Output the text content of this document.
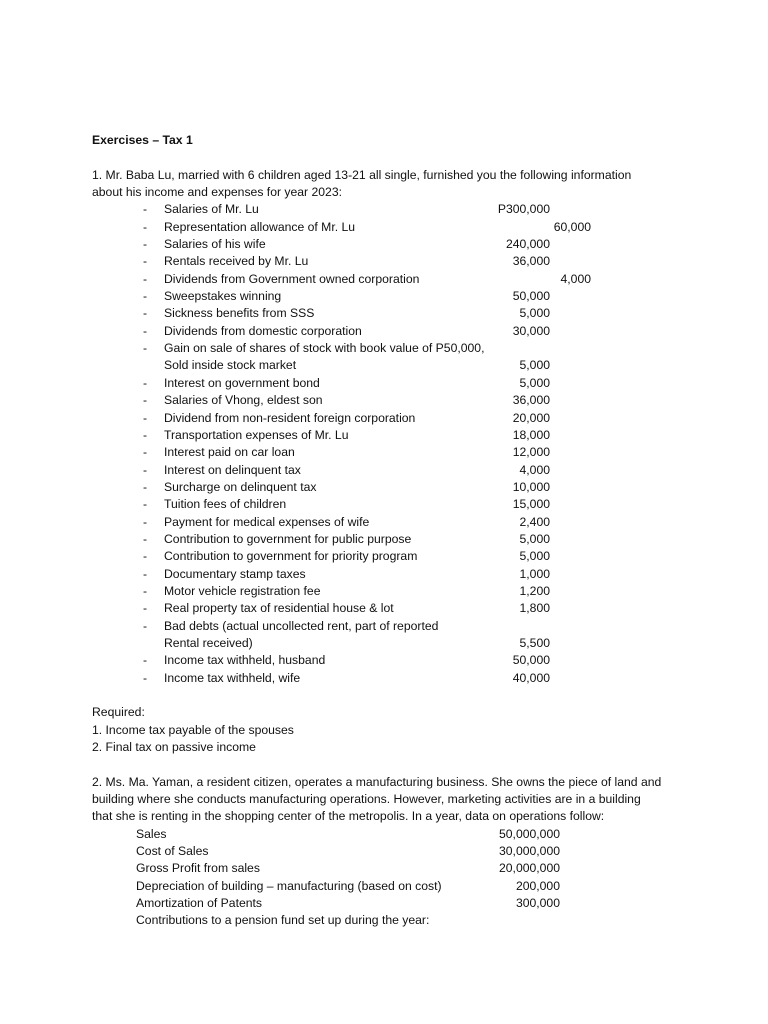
Exercises – Tax 1
1. Mr. Baba Lu, married with 6 children aged 13-21 all single, furnished you the following information
about his income and expenses for year 2023:
- Salaries of Mr. Lu	P300,000
- Representation allowance of Mr. Lu	60,000
- Salaries of his wife	240,000
- Rentals received by Mr. Lu	36,000
- Dividends from Government owned corporation	4,000
- Sweepstakes winning	50,000
- Sickness benefits from SSS	5,000
- Dividends from domestic corporation	30,000
- Gain on sale of shares of stock with book value of P50,000,
Sold inside stock market	5,000
- Interest on government bond	5,000
- Salaries of Vhong, eldest son	36,000
- Dividend from non-resident foreign corporation	20,000
- Transportation expenses of Mr. Lu	18,000
- Interest paid on car loan	12,000
- Interest on delinquent tax	4,000
- Surcharge on delinquent tax	10,000
- Tuition fees of children	15,000
- Payment for medical expenses of wife	2,400
- Contribution to government for public purpose	5,000
- Contribution to government for priority program	5,000
- Documentary stamp taxes	1,000
- Motor vehicle registration fee	1,200
- Real property tax of residential house & lot	1,800
- Bad debts (actual uncollected rent, part of reported
Rental received)	5,500
- Income tax withheld, husband	50,000
- Income tax withheld, wife	40,000
Required:
1. Income tax payable of the spouses
2. Final tax on passive income
2. Ms. Ma. Yaman, a resident citizen, operates a manufacturing business. She owns the piece of land and
building where she conducts manufacturing operations. However, marketing activities are in a building
that she is renting in the shopping center of the metropolis. In a year, data on operations follow:
Sales	50,000,000
Cost of Sales	30,000,000
Gross Profit from sales	20,000,000
Depreciation of building – manufacturing (based on cost)	200,000
Amortization of Patents	300,000
Contributions to a pension fund set up during the year:
